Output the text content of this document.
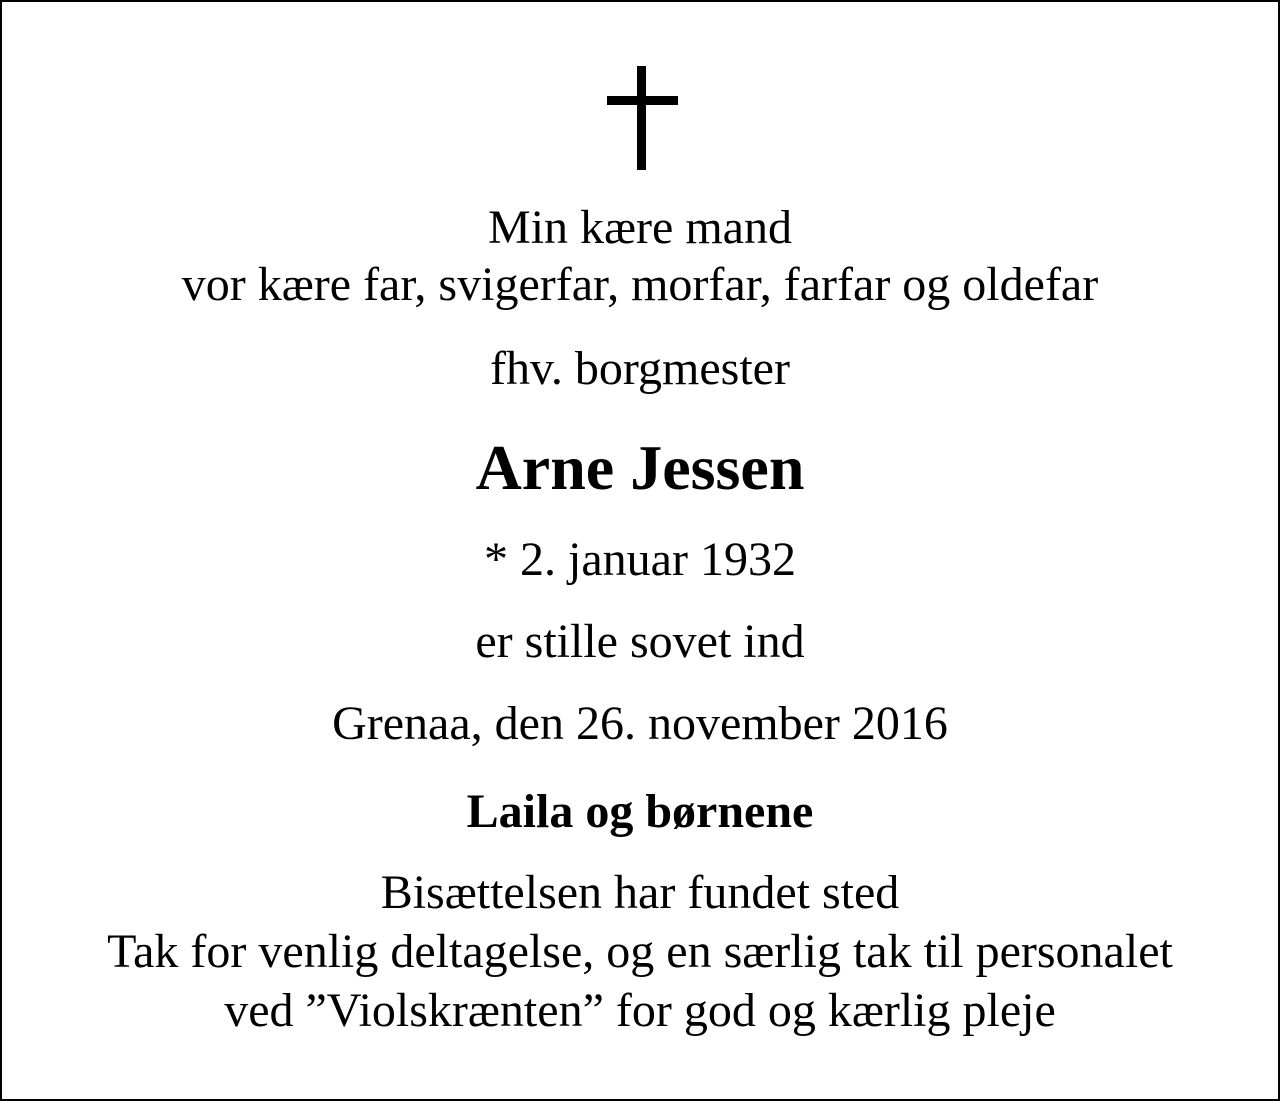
Min kære mand
vor kære far, svigerfar, morfar, farfar og oldefar
fhv. borgmester
Arne Jessen
* 2. januar 1932
er stille sovet ind
Grenaa, den 26. november 2016
Laila og børnene
Bisættelsen har fundet sted
Tak for venlig deltagelse, og en særlig tak til personalet
ved ”Violskrænten” for god og kærlig pleje
